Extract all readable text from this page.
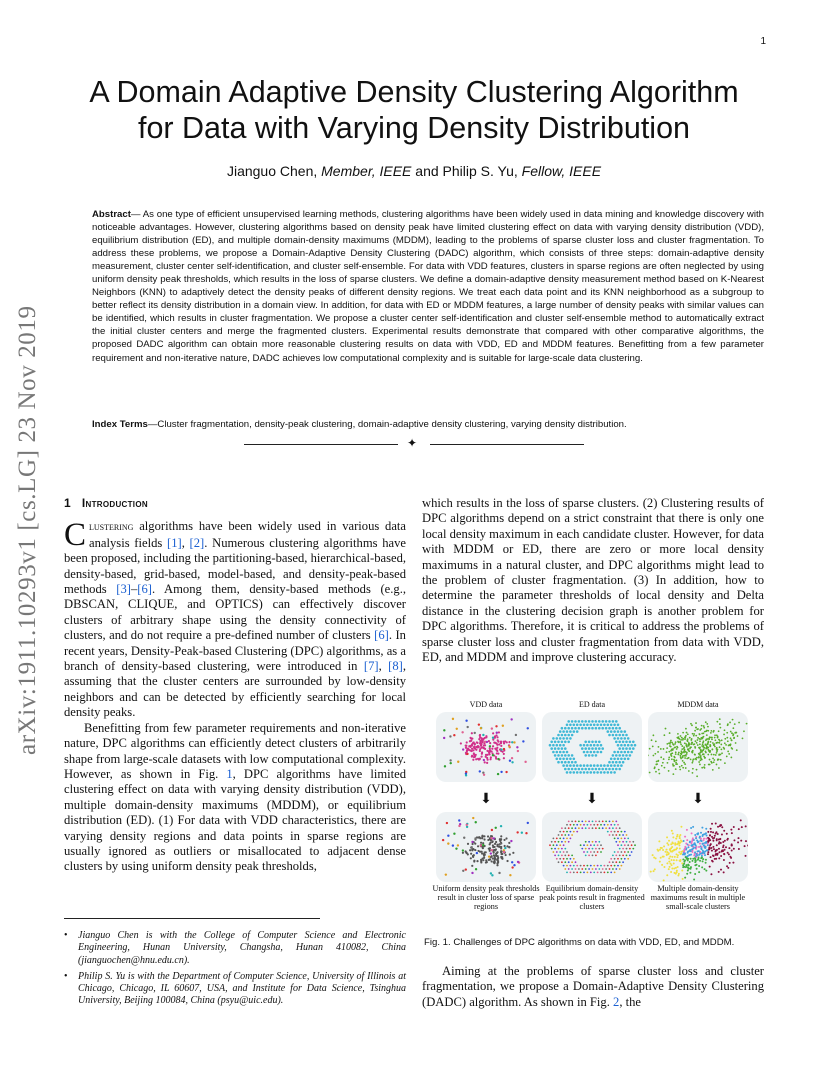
1
arXiv:1911.10293v1 [cs.LG] 23 Nov 2019
A Domain Adaptive Density Clustering Algorithm
for Data with Varying Density Distribution
Jianguo Chen, Member, IEEE and Philip S. Yu, Fellow, IEEE
Abstract— As one type of efficient unsupervised learning methods, clustering algorithms have been widely used in data mining and knowledge discovery with noticeable advantages. However, clustering algorithms based on density peak have limited clustering effect on data with varying density distribution (VDD), equilibrium distribution (ED), and multiple domain-density maximums (MDDM), leading to the problems of sparse cluster loss and cluster fragmentation. To address these problems, we propose a Domain-Adaptive Density Clustering (DADC) algorithm, which consists of three steps: domain-adaptive density measurement, cluster center self-identification, and cluster self-ensemble. For data with VDD features, clusters in sparse regions are often neglected by using uniform density peak thresholds, which results in the loss of sparse clusters. We define a domain-adaptive density measurement method based on K-Nearest Neighbors (KNN) to adaptively detect the density peaks of different density regions. We treat each data point and its KNN neighborhood as a subgroup to better reflect its density distribution in a domain view. In addition, for data with ED or MDDM features, a large number of density peaks with similar values can be identified, which results in cluster fragmentation. We propose a cluster center self-identification and cluster self-ensemble method to automatically extract the initial cluster centers and merge the fragmented clusters. Experimental results demonstrate that compared with other comparative algorithms, the proposed DADC algorithm can obtain more reasonable clustering results on data with VDD, ED and MDDM features. Benefitting from a few parameter requirement and non-iterative nature, DADC achieves low computational complexity and is suitable for large-scale data clustering.
Index Terms—Cluster fragmentation, density-peak clustering, domain-adaptive density clustering, varying density distribution.
✦
1 Introduction

Clustering algorithms have been widely used in various data analysis fields [1], [2]. Numerous clustering algorithms have been proposed, including the partitioning-based, hierarchical-based, density-based, grid-based, model-based, and density-peak-based methods [3]–[6]. Among them, density-based methods (e.g., DBSCAN, CLIQUE, and OPTICS) can effectively discover clusters of arbitrary shape using the density connectivity of clusters, and do not require a pre-defined number of clusters [6]. In recent years, Density-Peak-based Clustering (DPC) algorithms, as a branch of density-based clustering, were introduced in [7], [8], assuming that the cluster centers are surrounded by low-density neighbors and can be detected by efficiently searching for local density peaks.

Benefitting from few parameter requirements and non-iterative nature, DPC algorithms can efficiently detect clusters of arbitrarily shape from large-scale datasets with low computational complexity. However, as shown in Fig. 1, DPC algorithms have limited clustering effect on data with varying density distribution (VDD), multiple domain-density maximums (MDDM), or equilibrium distribution (ED). (1) For data with VDD characteristics, there are varying density regions and data points in sparse regions are usually ignored as outliers or misallocated to adjacent dense clusters by using uniform density peak thresholds,

• Jianguo Chen is with the College of Computer Science and Electronic Engineering, Hunan University, Changsha, Hunan 410082, China (jianguochen@hnu.edu.cn).
• Philip S. Yu is with the Department of Computer Science, University of Illinois at Chicago, Chicago, IL 60607, USA, and Institute for Data Science, Tsinghua University, Beijing 100084, China (psyu@uic.edu).

which results in the loss of sparse clusters. (2) Clustering results of DPC algorithms depend on a strict constraint that there is only one local density maximum in each candidate cluster. However, for data with MDDM or ED, there are zero or more local density maximums in a natural cluster, and DPC algorithms might lead to the problem of cluster fragmentation. (3) In addition, how to determine the parameter thresholds of local density and Delta distance in the clustering decision graph is another problem for DPC algorithms. Therefore, it is critical to address the problems of sparse cluster loss and cluster fragmentation from data with VDD, ED, and MDDM and improve clustering accuracy.

VDD data	ED data	MDDM data
⬇	⬇	⬇
Uniform density peak thresholds result in cluster loss of sparse regions
Equilibrium domain-density peak points result in fragmented clusters
Multiple domain-density maximums result in multiple small-scale clusters
Fig. 1. Challenges of DPC algorithms on data with VDD, ED, and MDDM.
Aiming at the problems of sparse cluster loss and cluster fragmentation, we propose a Domain-Adaptive Density Clustering (DADC) algorithm. As shown in Fig. 2, the
